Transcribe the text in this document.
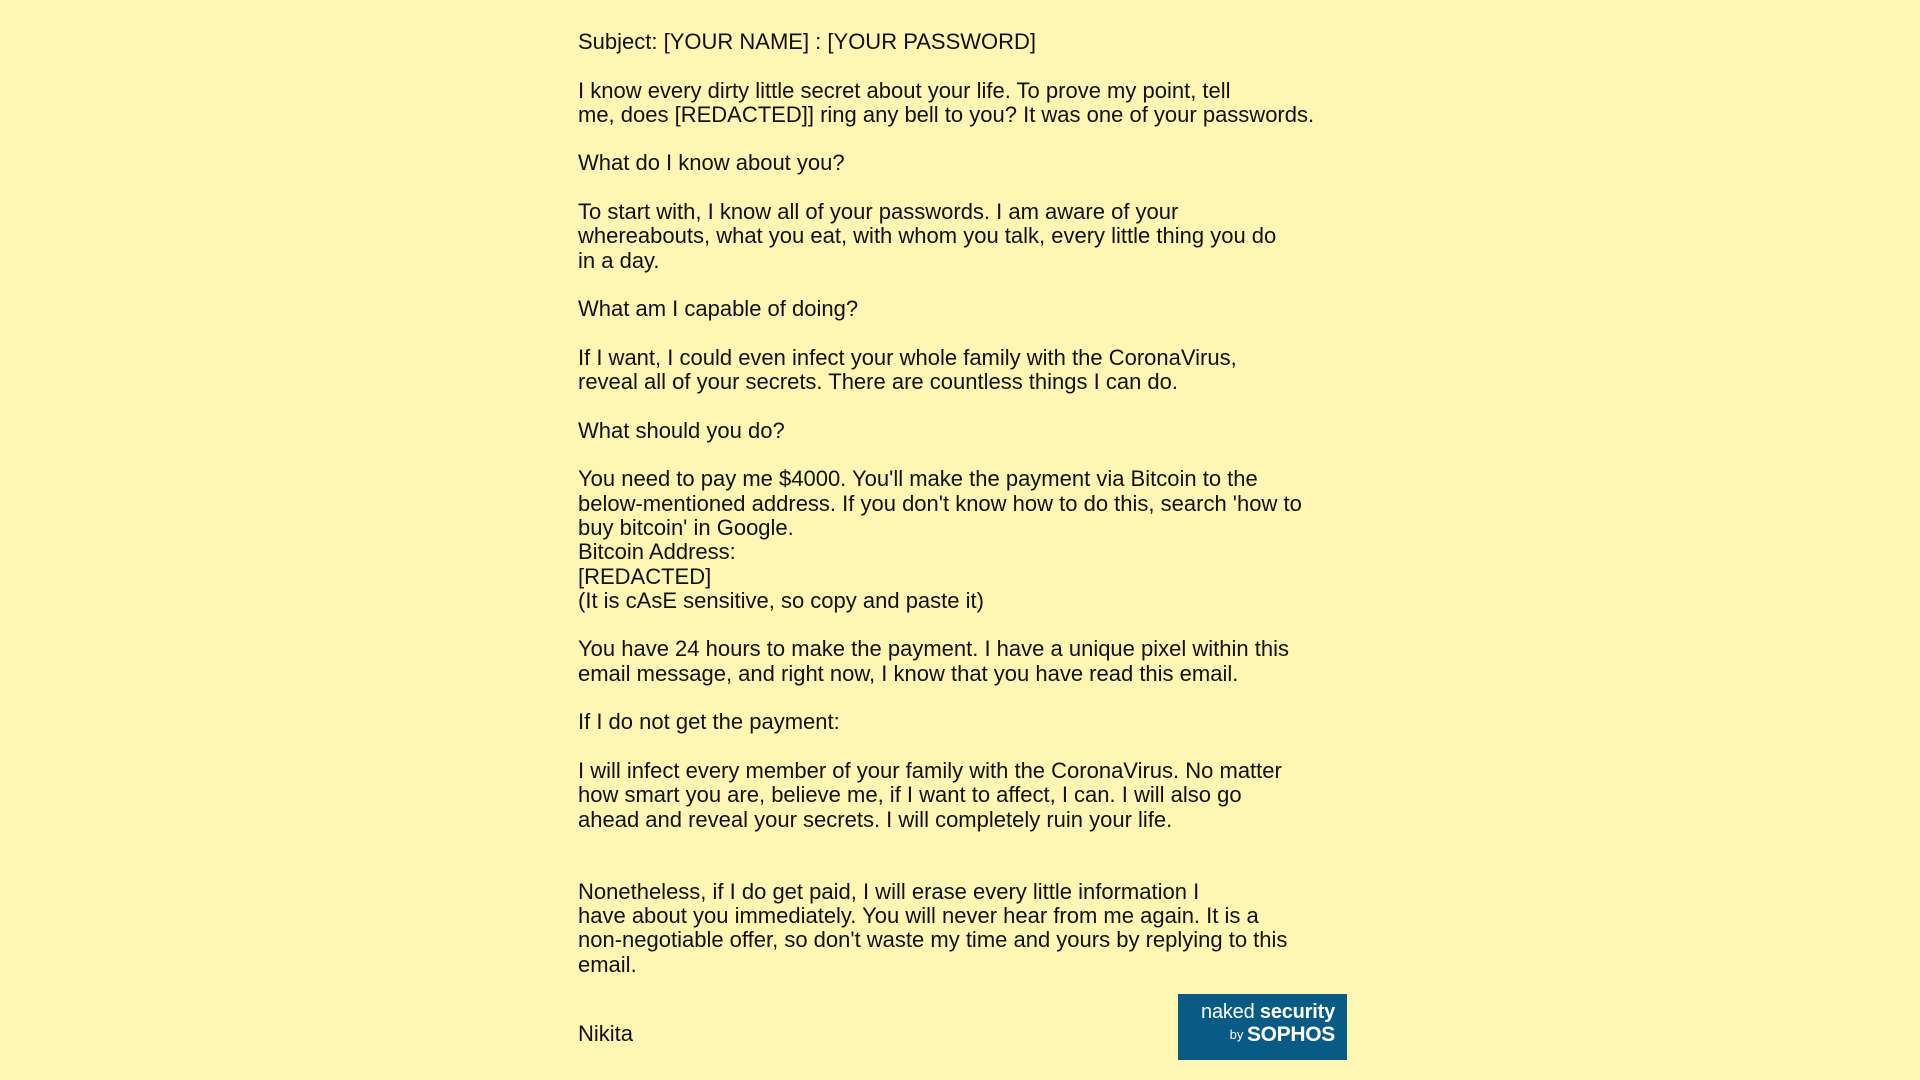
Subject: [YOUR NAME] : [YOUR PASSWORD]

I know every dirty little secret about your life. To prove my point, tell
me, does [REDACTED]] ring any bell to you? It was one of your passwords.

What do I know about you?

To start with, I know all of your passwords. I am aware of your
whereabouts, what you eat, with whom you talk, every little thing you do
in a day.

What am I capable of doing?

If I want, I could even infect your whole family with the CoronaVirus,
reveal all of your secrets. There are countless things I can do.

What should you do?

You need to pay me $4000. You'll make the payment via Bitcoin to the
below-mentioned address. If you don't know how to do this, search 'how to
buy bitcoin' in Google.
Bitcoin Address:
[REDACTED]
(It is cAsE sensitive, so copy and paste it)

You have 24 hours to make the payment. I have a unique pixel within this
email message, and right now, I know that you have read this email.

If I do not get the payment:

I will infect every member of your family with the CoronaVirus. No matter
how smart you are, believe me, if I want to affect, I can. I will also go
ahead and reveal your secrets. I will completely ruin your life.

Nonetheless, if I do get paid, I will erase every little information I
have about you immediately. You will never hear from me again. It is a
non-negotiable offer, so don't waste my time and yours by replying to this
email.

Nikita
naked security
by SOPHOS
